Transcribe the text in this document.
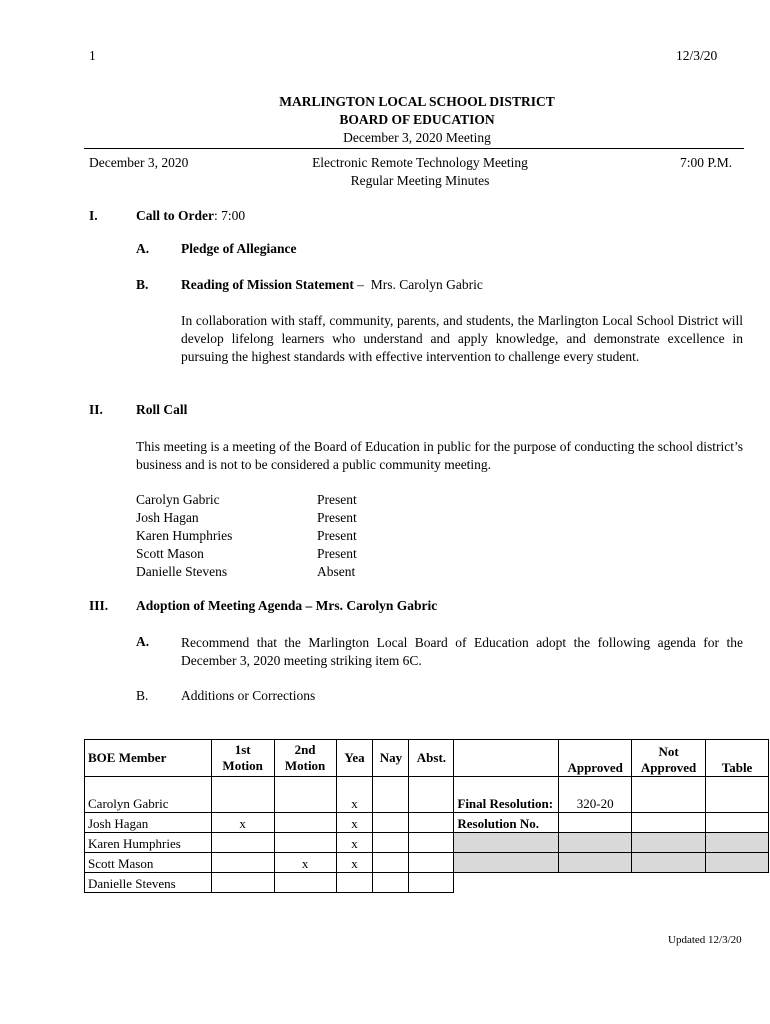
1	12/3/20
MARLINGTON LOCAL SCHOOL DISTRICT
BOARD OF EDUCATION
December 3, 2020 Meeting
December 3, 2020	Electronic Remote Technology Meeting
Regular Meeting Minutes
7:00 P.M.
I.	Call to Order: 7:00
A. Pledge of Allegiance
B. Reading of Mission Statement –  Mrs. Carolyn Gabric
In collaboration with staff, community, parents, and students, the Marlington Local School District will develop lifelong learners who understand and apply knowledge, and demonstrate excellence in pursuing the highest standards with effective intervention to challenge every student.
II. Roll Call
This meeting is a meeting of the Board of Education in public for the purpose of conducting the school district’s business and is not to be considered a public community meeting.
Carolyn Gabric	Present
Josh Hagan	Present
Karen Humphries	Present
Scott Mason	Present
Danielle Stevens	Absent
III. Adoption of Meeting Agenda – Mrs. Carolyn Gabric
A. Recommend that the Marlington Local Board of Education adopt the following agenda for the December 3, 2020 meeting striking item 6C.
B. Additions or Corrections
BOE Member	1st Motion	2nd Motion	Yea	Nay	Abst.		Approved	Not Approved	Table
Carolyn Gabric			x			Final Resolution:	320-20		
Josh Hagan	x		x			Resolution No.			
Karen Humphries			x						
Scott Mason		x	x						
Danielle Stevens									
Updated 12/3/20
